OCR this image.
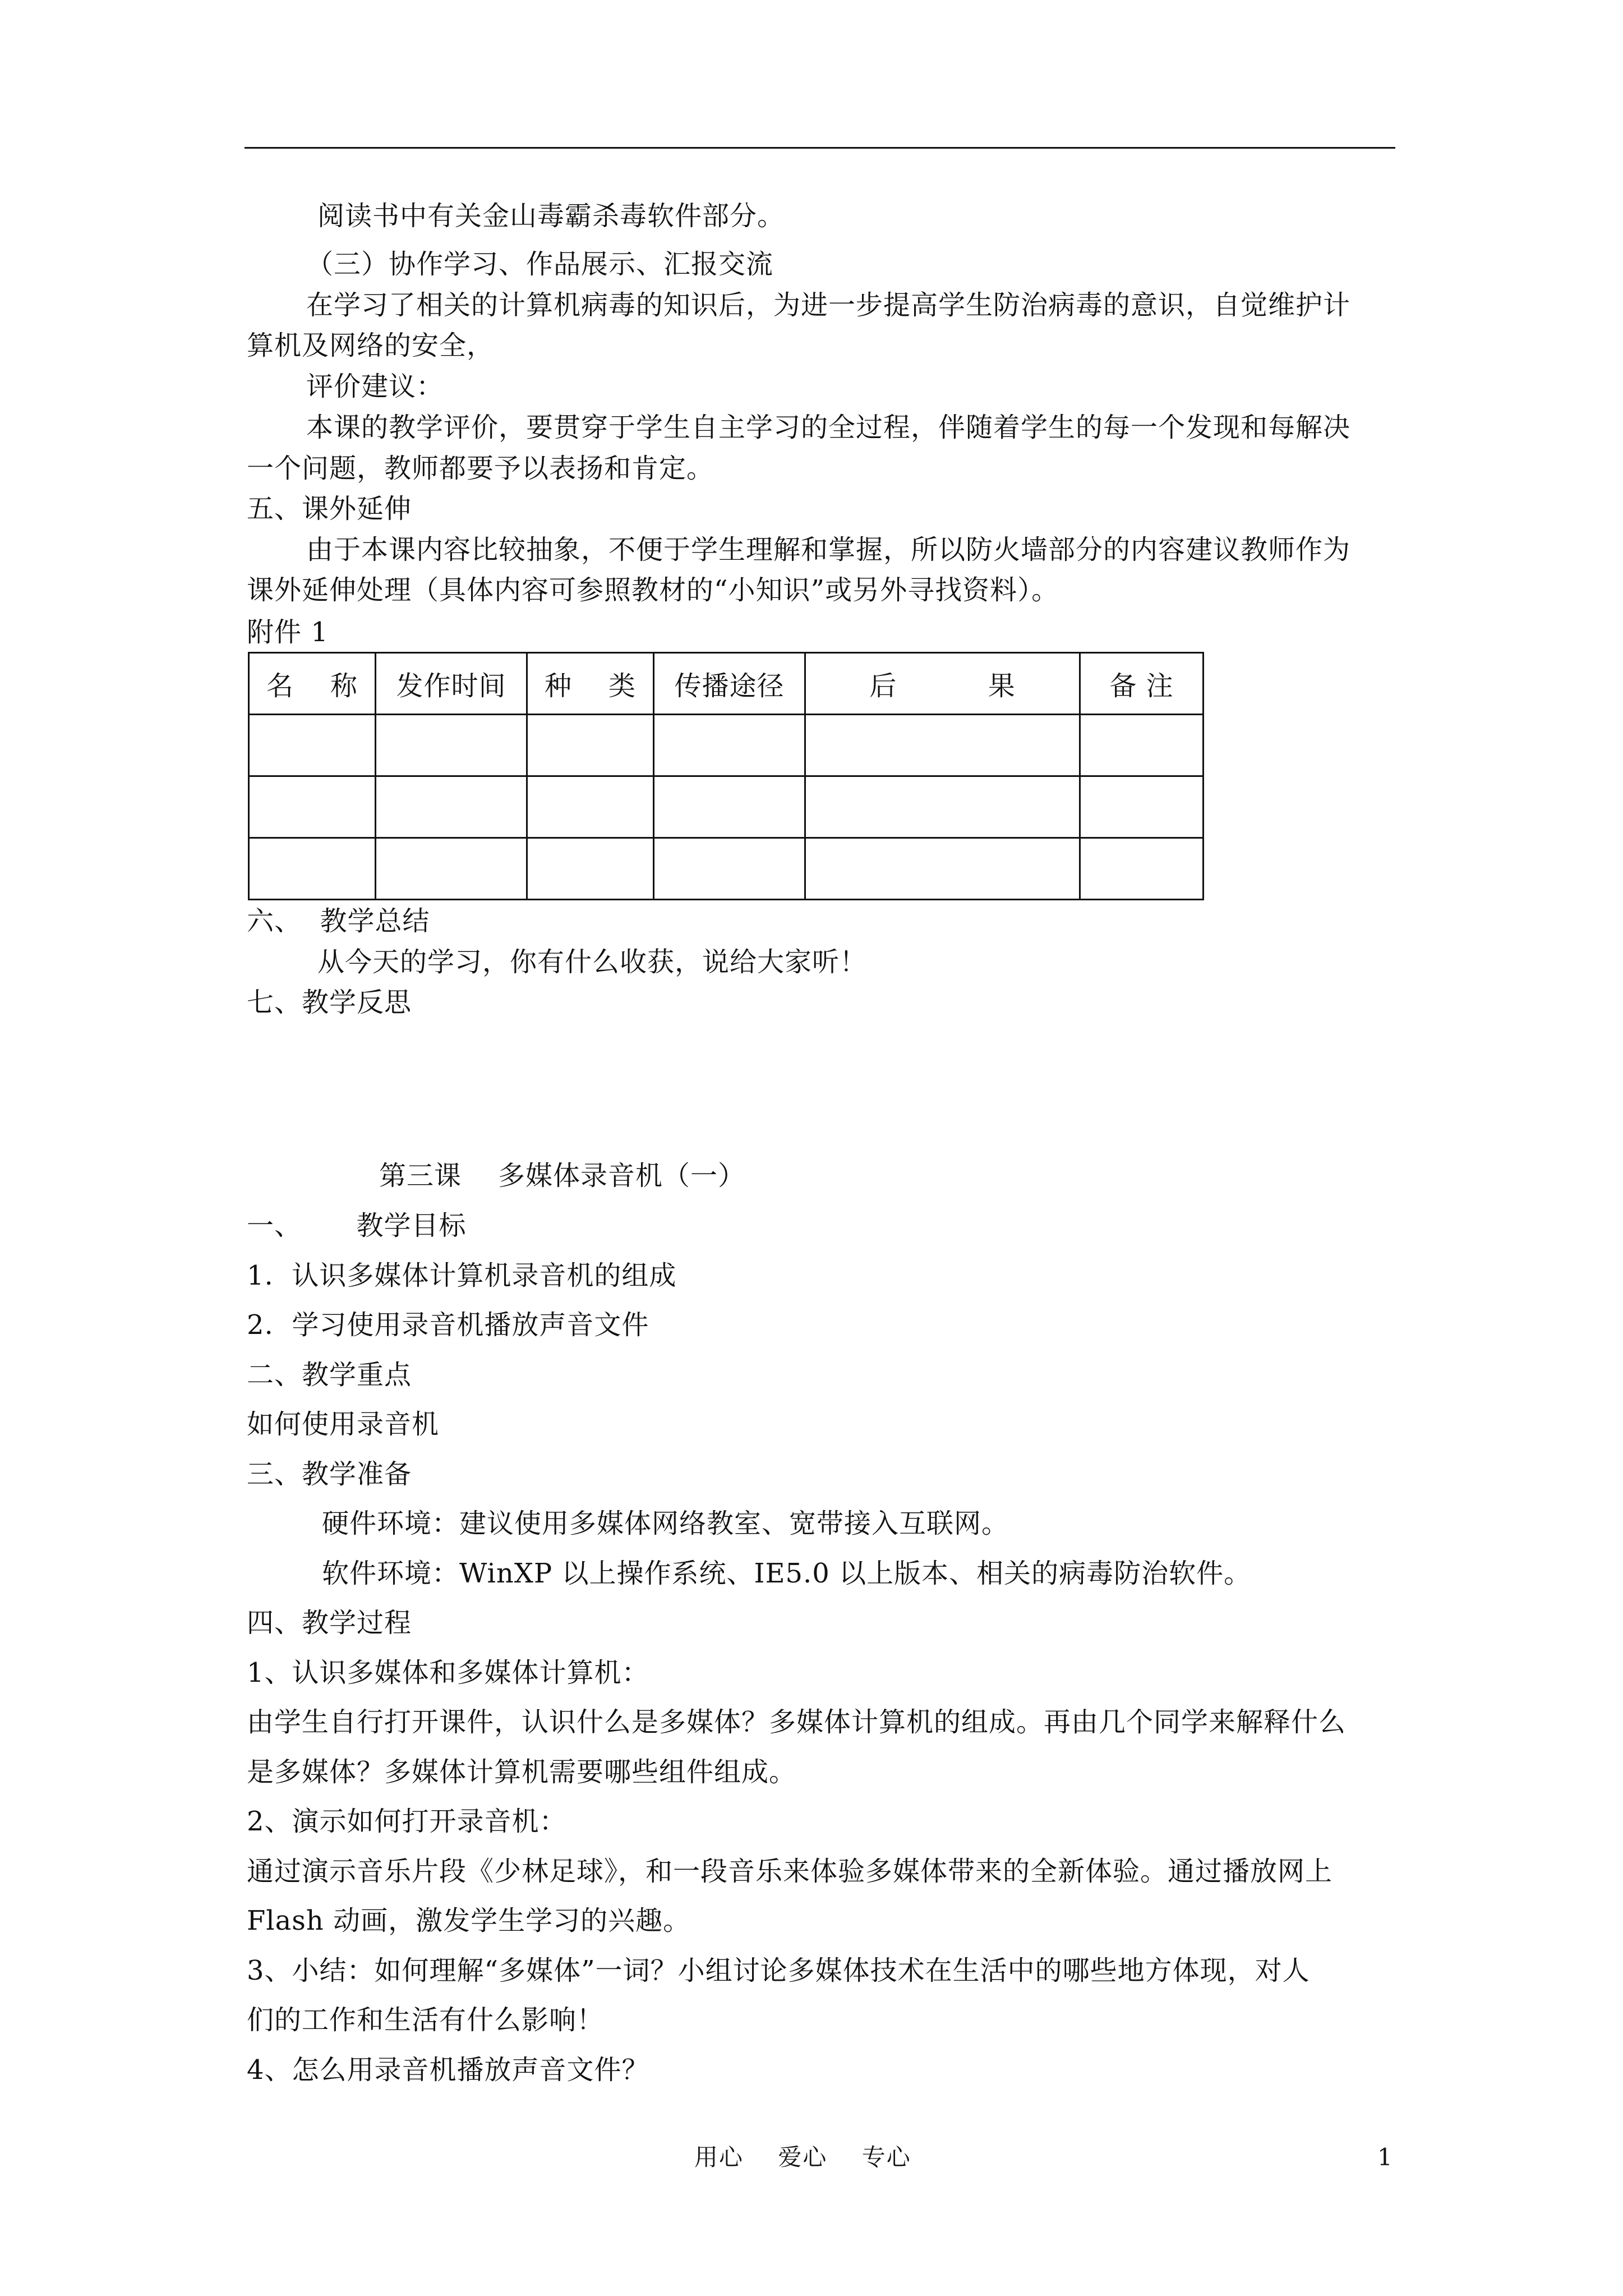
阅读书中有关金山毒霸杀毒软件部分。
（三）协作学习、作品展示、汇报交流
在学习了相关的计算机病毒的知识后，为进一步提高学生防治病毒的意识，自觉维护计
算机及网络的安全，
评价建议：
本课的教学评价，要贯穿于学生自主学习的全过程，伴随着学生的每一个发现和每解决
一个问题，教师都要予以表扬和肯定。
五、课外延伸
由于本课内容比较抽象，不便于学生理解和掌握，所以防火墙部分的内容建议教师作为
课外延伸处理（具体内容可参照教材的“小知识”或另外寻找资料）。
附件 1
名    称	发作时间	种    类	传播途径	后          果	备 注

六、  教学总结
从今天的学习，你有什么收获，说给大家听！
七、教学反思
第三课    多媒体录音机（一）
一、      教学目标
1.  认识多媒体计算机录音机的组成
2.  学习使用录音机播放声音文件
二、教学重点
如何使用录音机
三、教学准备
硬件环境：建议使用多媒体网络教室、宽带接入互联网。
软件环境：WinXP 以上操作系统、IE5.0 以上版本、相关的病毒防治软件。
四、教学过程
1、认识多媒体和多媒体计算机：
由学生自行打开课件，认识什么是多媒体？多媒体计算机的组成。再由几个同学来解释什么
是多媒体？多媒体计算机需要哪些组件组成。
2、演示如何打开录音机：
通过演示音乐片段《少林足球》，和一段音乐来体验多媒体带来的全新体验。通过播放网上
Flash 动画，激发学生学习的兴趣。
3、小结：如何理解“多媒体”一词？小组讨论多媒体技术在生活中的哪些地方体现，对人
们的工作和生活有什么影响！
4、怎么用录音机播放声音文件？
用心    爱心    专心	1
